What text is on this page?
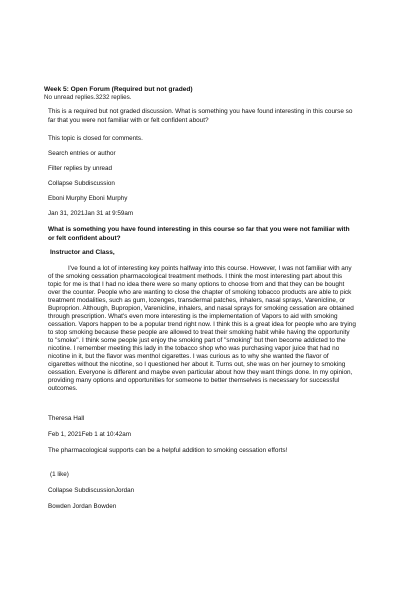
Week 5: Open Forum (Required but not graded)
No unread replies.3232 replies.
This is a required but not graded discussion. What is something you have found interesting in this course so far that you were not familiar with or felt confident about?
This topic is closed for comments.
Search entries or author
Filter replies by unread
Collapse Subdiscussion
Eboni Murphy Eboni Murphy
Jan 31, 2021Jan 31 at 9:59am
What is something you have found interesting in this course so far that you were not familiar with or felt confident about?
Instructor and Class,
I've found a lot of interesting key points halfway into this course. However, I was not familiar with any of the smoking cessation pharmacological treatment methods. I think the most interesting part about this topic for me is that I had no idea there were so many options to choose from and that they can be bought over the counter. People who are wanting to close the chapter of smoking tobacco products are able to pick treatment modalities, such as gum, lozenges, transdermal patches, inhalers, nasal sprays, Varenicline, or Buproprion. Although, Bupropion, Varenicline, inhalers, and nasal sprays for smoking cessation are obtained through prescription. What's even more interesting is the implementation of Vapors to aid with smoking cessation. Vapors happen to be a popular trend right now. I think this is a great idea for people who are trying to stop smoking because these people are allowed to treat their smoking habit while having the opportunity to "smoke". I think some people just enjoy the smoking part of "smoking" but then become addicted to the nicotine. I remember meeting this lady in the tobacco shop who was purchasing vapor juice that had no nicotine in it, but the flavor was menthol cigarettes. I was curious as to why she wanted the flavor of cigarettes without the nicotine, so I questioned her about it. Turns out, she was on her journey to smoking cessation. Everyone is different and maybe even particular about how they want things done. In my opinion, providing many options and opportunities for someone to better themselves is necessary for successful outcomes.
Theresa Hall
Feb 1, 2021Feb 1 at 10:42am
The pharmacological supports can be a helpful addition to smoking cessation efforts!
(1 like)
Collapse SubdiscussionJordan
Bowden Jordan Bowden
